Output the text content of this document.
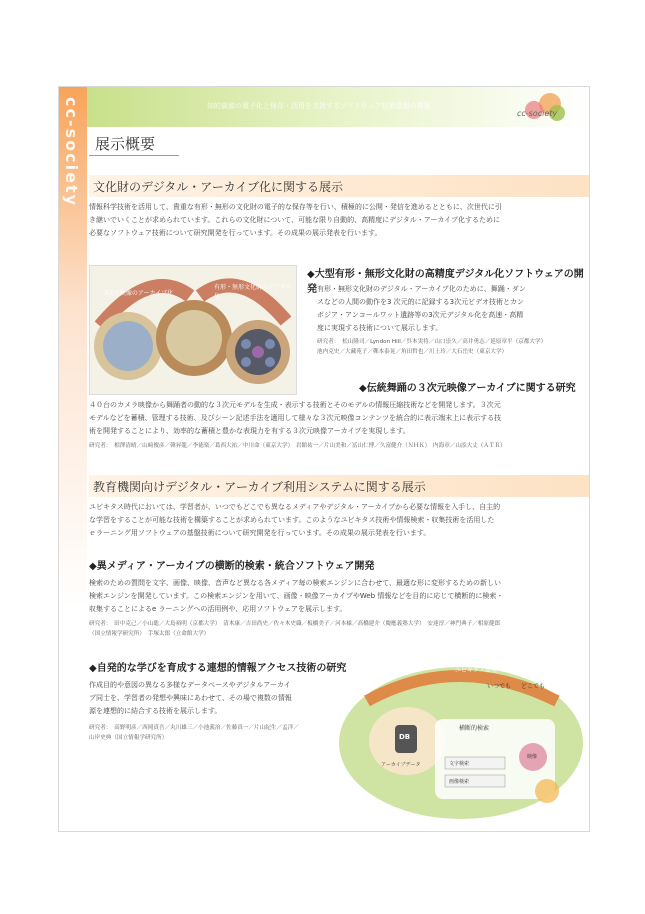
cc-society	知的資源の電子化と保存・活用を支援するソフトウェア技術基盤の構築
cc-society
展示概要
文化財のデジタル・アーカイブ化に関する展示
情報科学技術を活用して、貴重な有形・無形の文化財の電子的な保存等を行い、積極的に公開・発信を進めるとともに、次世代に引
き継いでいくことが求められています。これらの文化財について、可能な限り自動的、高精度にデジタル・アーカイブ化するために
必要なソフトウェア技術について研究開発を行っています。その成果の展示発表を行います。
3次元映像のアーカイブ化
有形・無形文化財のデジタル化
◆大型有形・無形文化財の高精度デジタル化ソフトウェアの開発 有形・無形文化財のデジタル・アーカイブ化のために、舞踊・ダン
スなどの人間の動作を3 次元的に記録する3次元ビデオ技術とカン
ボジア・アンコールワット遺跡等の3次元デジタル化を高速・高精
度に実現する技術について展示します。
研究者：　松山隆司／Lyndon Hill／呉本実将／山口崇久／高井勇志／延原章平（京都大学）
池内克史／大藏苑子／鄭本泰晃／角田哲也／川上玲／大石岳史（東京大学）
◆伝統舞踊の３次元映像アーカイブに関する研究
４０台のカメラ映像から舞踊者の動的な３次元モデルを生成・表示する技術とそのモデルの情報圧縮技術などを開発します。３次元
モデルなどを蓄積、管理する技術、及びシーン記述手法を適用して様々な３次元映像コンテンツを統合的に表示端末上に表示する技
術を開発することにより、効率的な蓄積と豊かな表現力を有する３次元映像アーカイブを実現します。
研究者：　相澤清晴／山﨑俊彦／韓昇龍／李徳楽／葛西大祐／中川命（東京大学）　岩館祐一／片山美和／冨山仁博／久富健介（ＮＨＫ）　内海章／山添大丈（ＡＴＲ）
教育機関向けデジタル・アーカイブ利用システムに関する展示
ユビキタス時代においては、学習者が、いつでもどこでも異なるメディアやデジタル・アーカイブから必要な情報を入手し、自主的
な学習をすることが可能な技術を構築することが求められています。このようなユビキタス技術や情報検索・収集技術を活用した
ｅラーニング用ソフトウェアの基盤技術について研究開発を行っています。その成果の展示発表を行います。
◆異メディア・アーカイブの横断的検索・統合ソフトウェア開発
検索のための質問を文字、画像、映像、音声など異なる各メディア毎の検索エンジンに合わせて、最適な形に変形するための新しい
検索エンジンを開発しています。この検索エンジンを用いて、画像・映像アーカイブやWeb 情報などを目的に応じて横断的に検索・
収集することによるe ラーニングへの活用例や、応用ソフトウェアを展示します。
研究者：　田中克己／小山聡／大島裕明（京都大学）　清木康／吉田尚史／佐々木史織／板橋美子／河本様／高橋建介（慶應義塾大学）　安達淳／神門典子／相原健郎
（国立情報学研究所）　手塚太郎（立命館大学）
◆自発的な学びを育成する連想的情報アクセス技術の研究
作成目的や意図の異なる多様なデータベースやデジタルアーカイ
ブ同士を、学習者の発想や興味にあわせて、その場で複数の情報
源を連想的に結合する技術を展示します。
研究者：　高野明彦／西岡真吾／丸川雄三／小池義治／佐藤真一／片山紀生／孟洋／
山岸史典（国立情報学研究所）
ユビキタス環境
いつでも どこでも
DB
アーカイブデータ
横断的検索
文字検索
画像検索
映像
